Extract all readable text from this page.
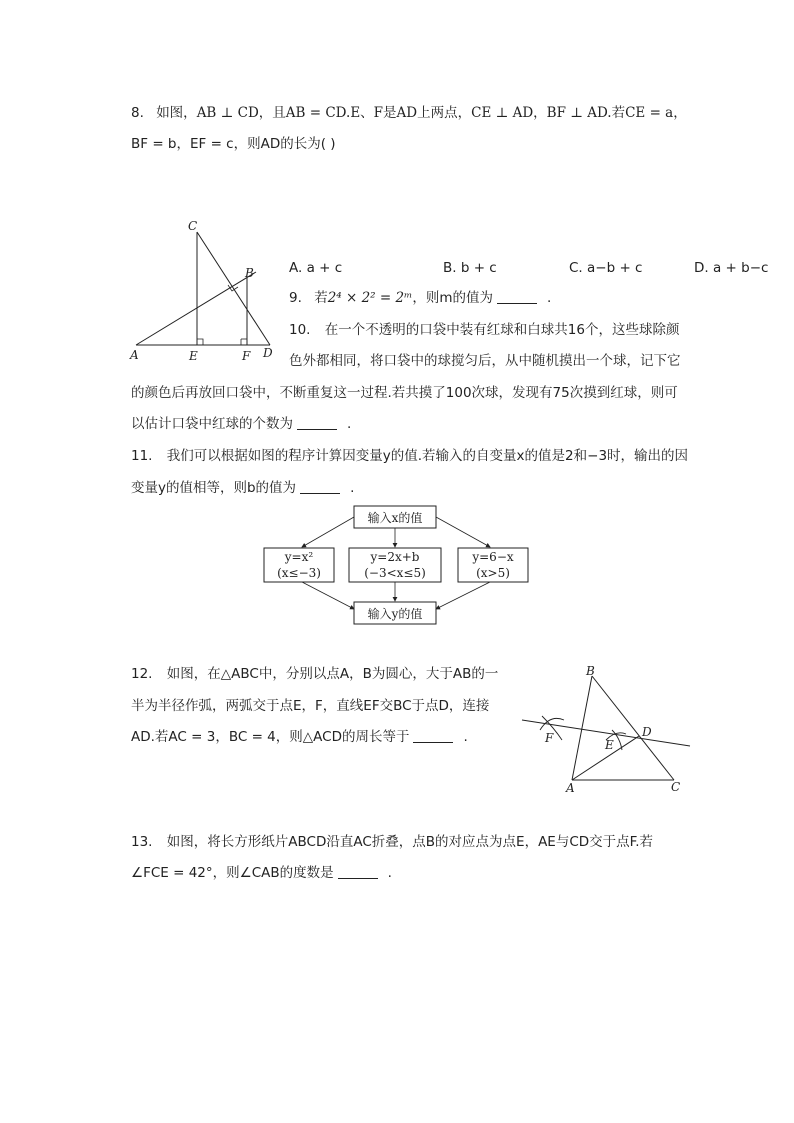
8. 如图，AB ⊥ CD，且AB = CD.E、F是AD上两点，CE ⊥ AD，BF ⊥ AD.若CE = a，
BF = b，EF = c，则AD的长为( )
C
B
A	E	F D
A. a + c	B. b + c	C. a−b + c	D. a + b−c
9. 若2⁴ × 2² = 2ᵐ，则m的值为	.
10. 在一个不透明的口袋中装有红球和白球共16个，这些球除颜
色外都相同，将口袋中的球搅匀后，从中随机摸出一个球，记下它
的颜色后再放回口袋中，不断重复这一过程.若共摸了100次球，发现有75次摸到红球，则可
以估计口袋中红球的个数为	.
11. 我们可以根据如图的程序计算因变量y的值.若输入的自变量x的值是2和−3时，输出的因
变量y的值相等，则b的值为	.
输入x的值
y=x²
(x≤−3)
y=2x+b
(−3<x≤5)
y=6−x
(x>5)
输入y的值
12. 如图，在△ABC中，分别以点A，B为圆心，大于AB的一
半为半径作弧，两弧交于点E，F，直线EF交BC于点D，连接
AD.若AC = 3，BC = 4，则△ACD的周长等于	.
B
F	E
D
A	C
13. 如图，将长方形纸片ABCD沿直AC折叠，点B的对应点为点E，AE与CD交于点F.若
∠FCE = 42°，则∠CAB的度数是	.
